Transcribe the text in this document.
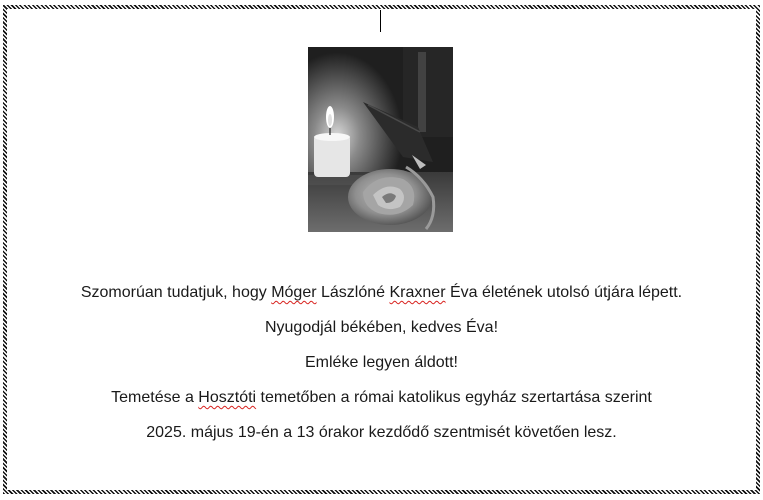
Szomorúan tudatjuk, hogy Móger Lászlóné Kraxner Éva életének utolsó útjára lépett.
Nyugodjál békében, kedves Éva!
Emléke legyen áldott!
Temetése a Hosztóti temetőben a római katolikus egyház szertartása szerint
2025. május 19-én a 13 órakor kezdődő szentmisét követően lesz.
